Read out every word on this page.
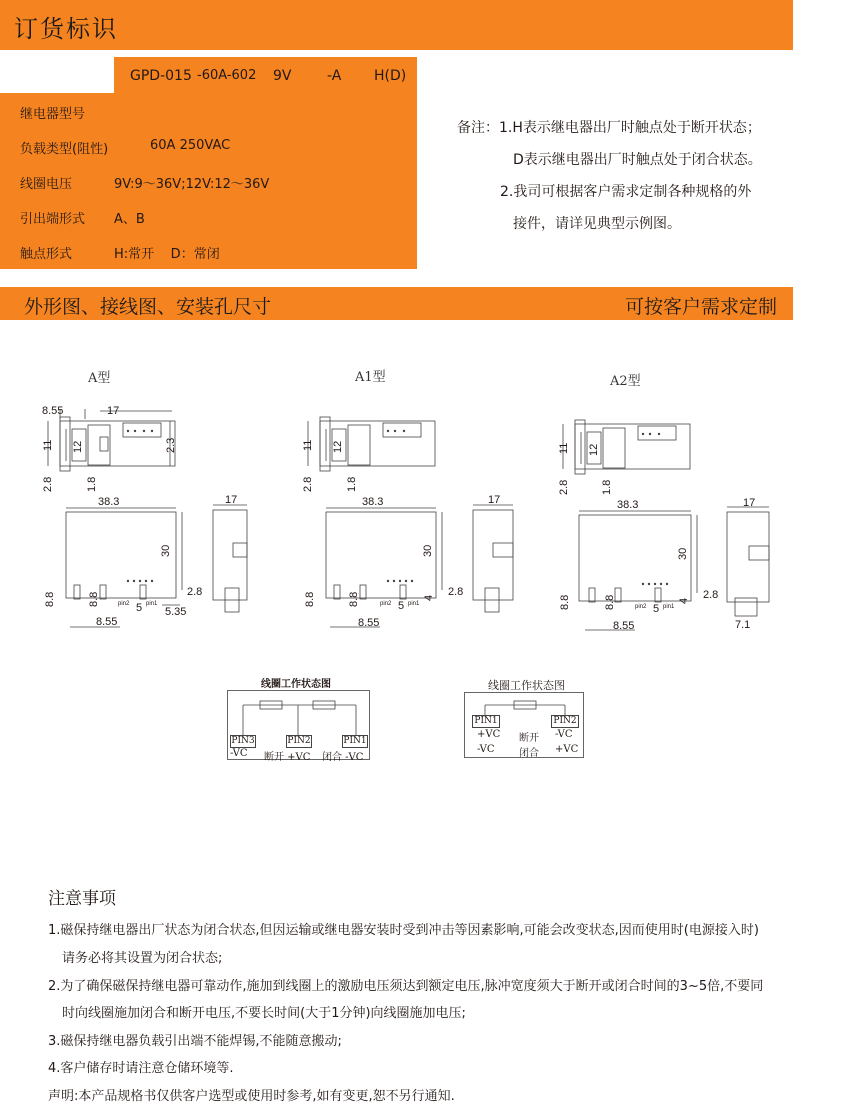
订货标识
GPD-015 -60A-602 9V	-A H(D)
继电器型号
负载类型(阻性)	60A 250VAC
线圈电压	9V:9～36V;12V:12～36V
引出端形式 A、B
触点形式	H:常开    D：常闭
备注：1.H表示继电器出厂时触点处于断开状态；
D表示继电器出厂时触点处于闭合状态。
2.我司可根据客户需求定制各种规格的外
接件，请详见典型示例图。
外形图、接线图、安装孔尺寸	可按客户需求定制
A型	A1型	A2型
8.55	17
11 12	2.3
2.8	1.8
38.3
30
17
2.8
8.8	8.8
5 5.35
8.55
pin2	pin1
11 12
2.8	1.8
38.3
30
17
2.8
8.8	8.8	5
4
8.55
pin2	pin1
11 12
2.8	1.8
38.3
30
17
2.8
8.8	8.8	5
4
8.55	7.1
pin2	pin1
线圈工作状态图
PIN3	PIN2	PIN1
-VC 断开 +VC 闭合 -VC
线圈工作状态图
PIN1	PIN2
+VC 断开 -VC
-VC 闭合 +VC
注意事项
1.磁保持继电器出厂状态为闭合状态,但因运输或继电器安装时受到冲击等因素影响,可能会改变状态,因而使用时(电源接入时)
请务必将其设置为闭合状态;
2.为了确保磁保持继电器可靠动作,施加到线圈上的激励电压须达到额定电压,脉冲宽度须大于断开或闭合时间的3~5倍,不要同
时向线圈施加闭合和断开电压,不要长时间(大于1分钟)向线圈施加电压;
3.磁保持继电器负载引出端不能焊锡,不能随意搬动;
4.客户储存时请注意仓储环境等.
声明:本产品规格书仅供客户选型或使用时参考,如有变更,恕不另行通知.
